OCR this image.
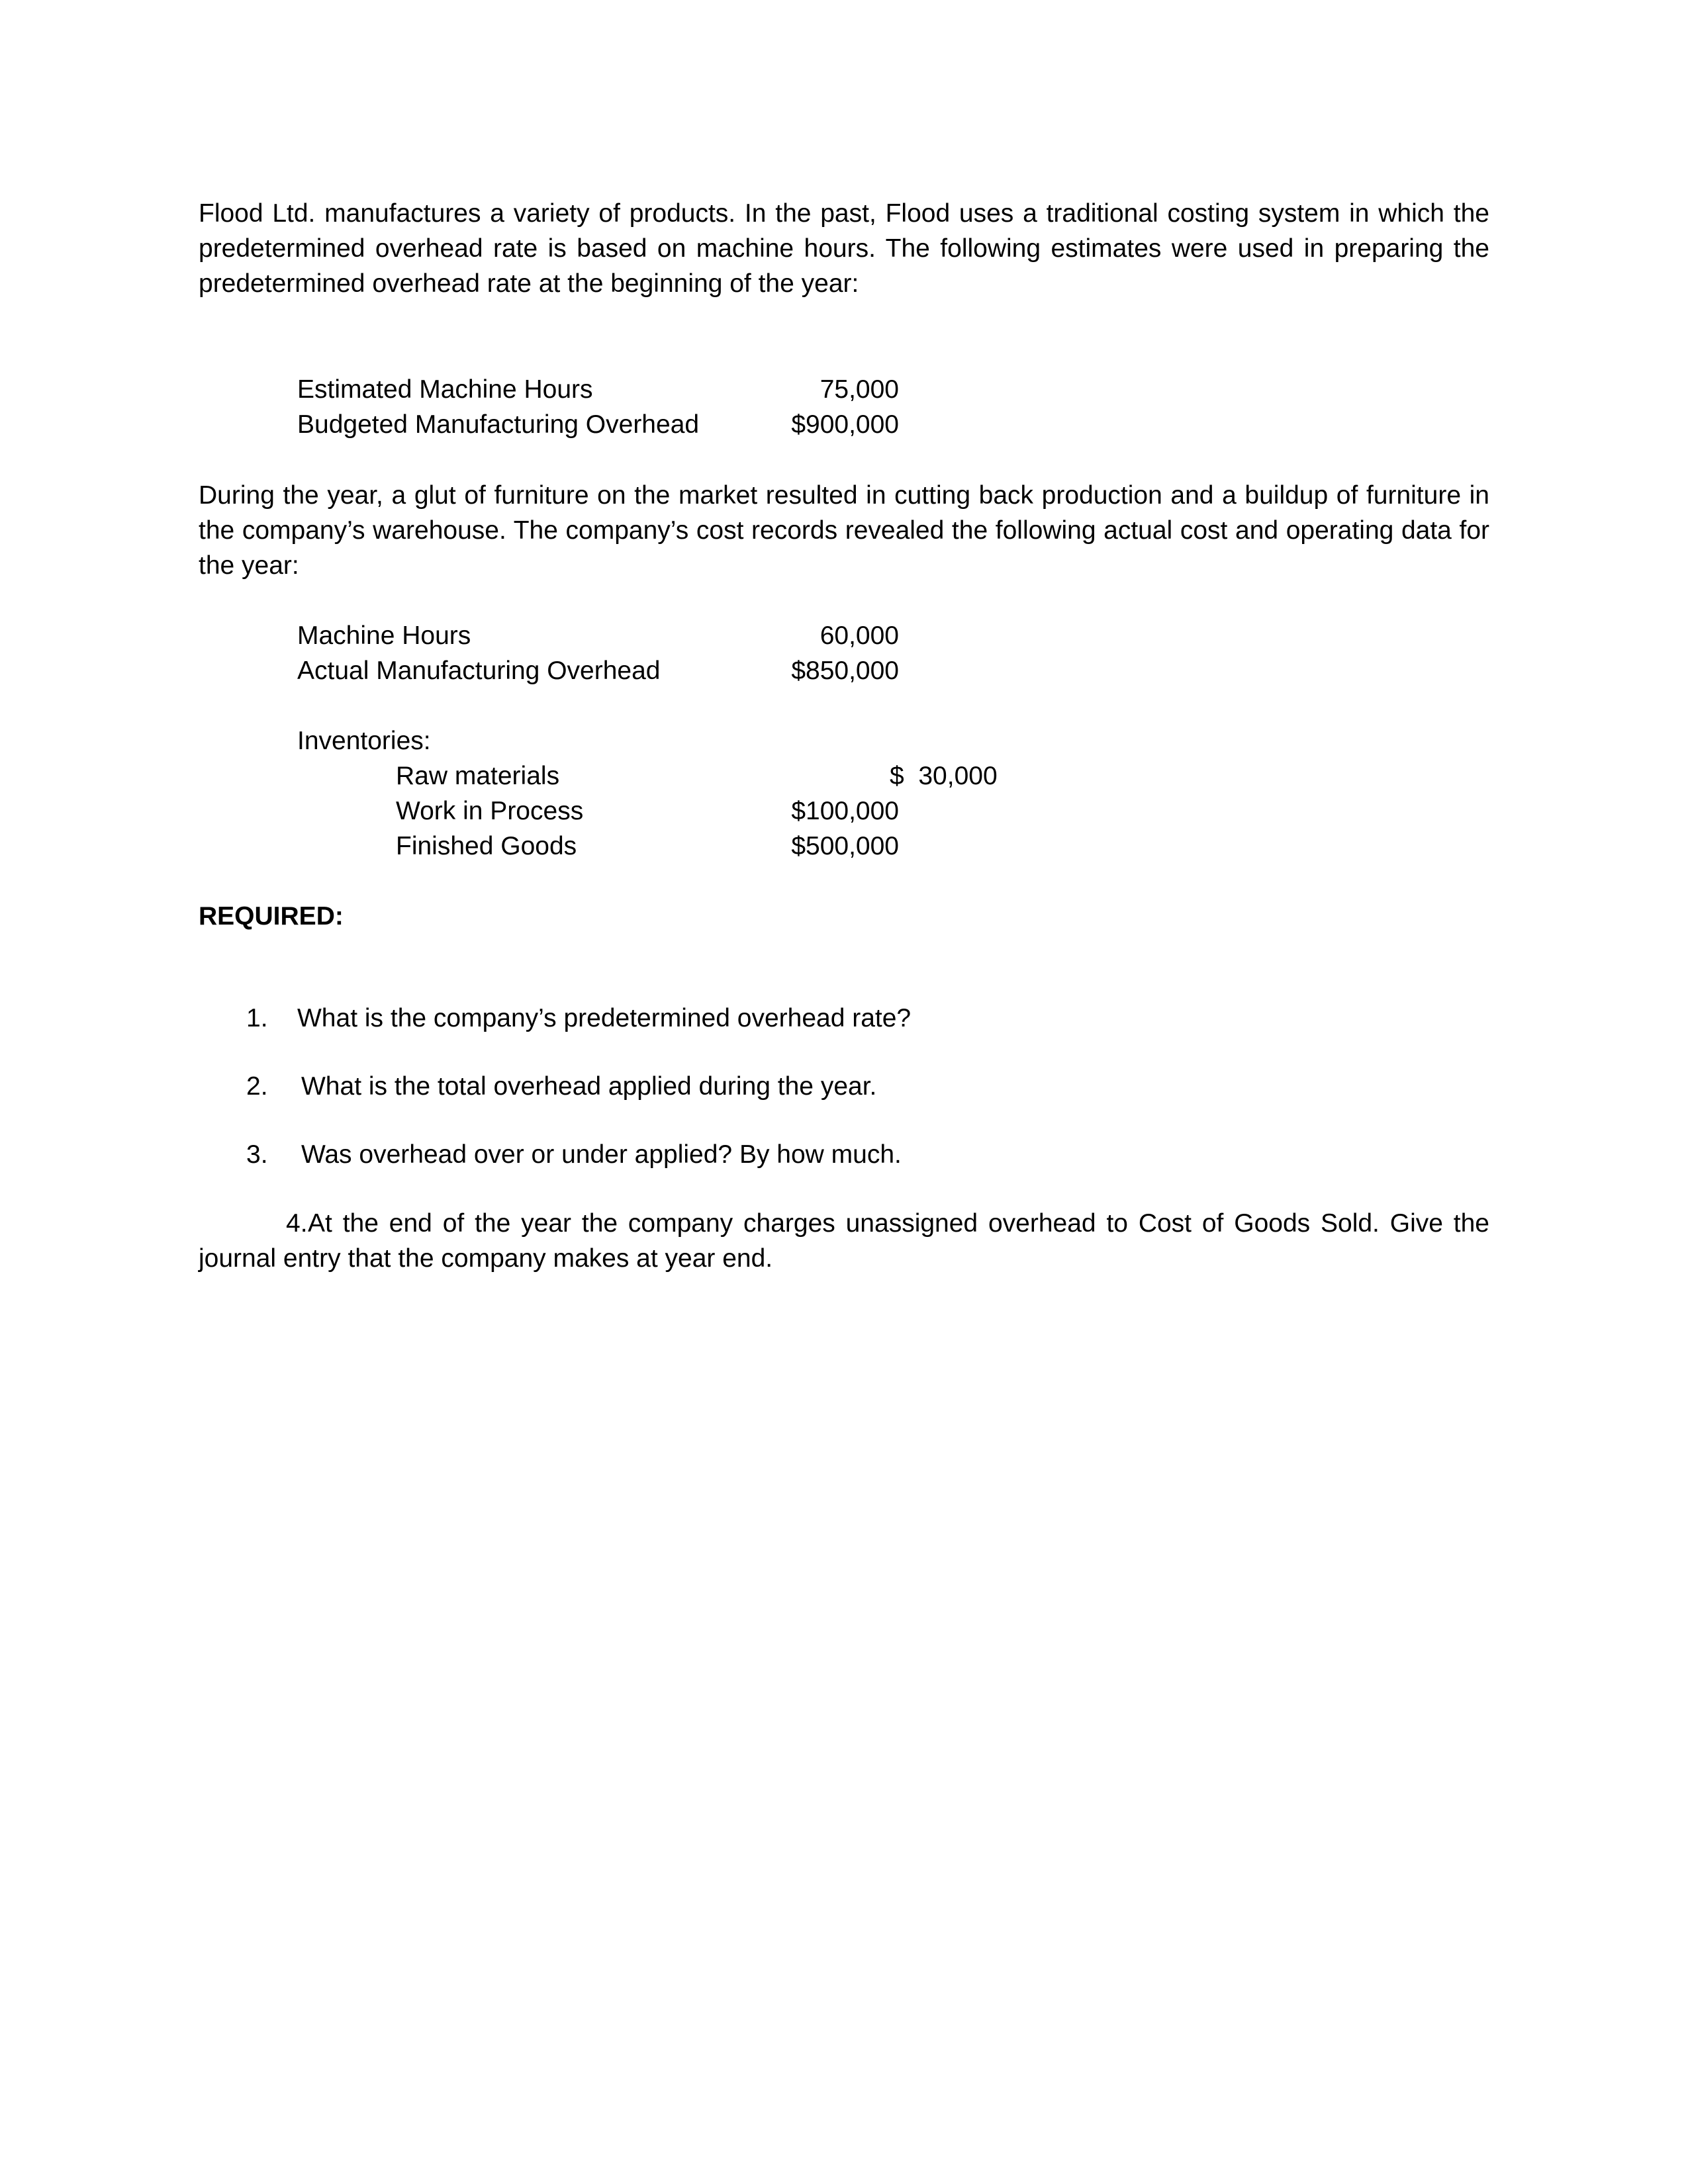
Flood Ltd. manufactures a variety of products. In the past, Flood uses a traditional costing system in which the predetermined overhead rate is based on machine hours. The following estimates were used in preparing the predetermined overhead rate at the beginning of the year:

Estimated Machine Hours	75,000
Budgeted Manufacturing Overhead	$900,000

During the year, a glut of furniture on the market resulted in cutting back production and a buildup of furniture in the company’s warehouse. The company’s cost records revealed the following actual cost and operating data for the year:

Machine Hours	60,000
Actual Manufacturing Overhead	$850,000
Inventories:
Raw materials	$  30,000
Work in Process	$100,000
Finished Goods	$500,000
REQUIRED:
1. What is the company’s predetermined overhead rate?
2. What is the total overhead applied during the year.
3. Was overhead over or under applied? By how much.

4.At the end of the year the company charges unassigned overhead to Cost of Goods Sold. Give the journal entry that the company makes at year end.
